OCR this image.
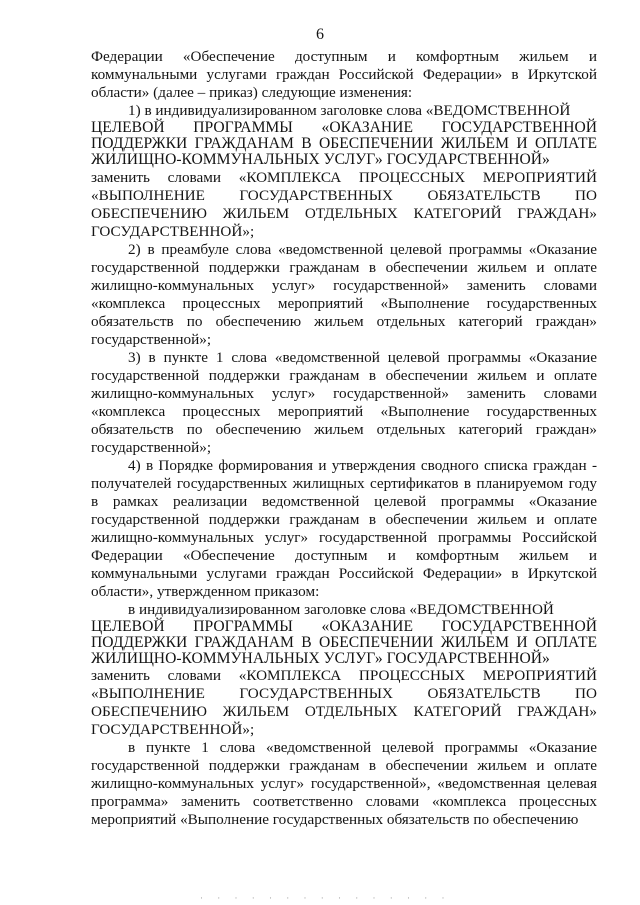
6

Федерации «Обеспечение доступным и комфортным жильем и коммунальными услугами граждан Российской Федерации» в Иркутской области» (далее – приказ) следующие изменения:

1) в индивидуализированном заголовке слова «ВЕДОМСТВЕННОЙ

ЦЕЛЕВОЙ ПРОГРАММЫ «ОКАЗАНИЕ ГОСУДАРСТВЕННОЙ ПОДДЕРЖКИ ГРАЖДАНАМ В ОБЕСПЕЧЕНИИ ЖИЛЬЕМ И ОПЛАТЕ ЖИЛИЩНО-КОММУНАЛЬНЫХ УСЛУГ» ГОСУДАРСТВЕННОЙ»

заменить словами «КОМПЛЕКСА ПРОЦЕССНЫХ МЕРОПРИЯТИЙ «ВЫПОЛНЕНИЕ ГОСУДАРСТВЕННЫХ ОБЯЗАТЕЛЬСТВ ПО ОБЕСПЕЧЕНИЮ ЖИЛЬЕМ ОТДЕЛЬНЫХ КАТЕГОРИЙ ГРАЖДАН» ГОСУДАРСТВЕННОЙ»;

2) в преамбуле слова «ведомственной целевой программы «Оказание государственной поддержки гражданам в обеспечении жильем и оплате жилищно-коммунальных услуг» государственной» заменить словами «комплекса процессных мероприятий «Выполнение государственных обязательств по обеспечению жильем отдельных категорий граждан» государственной»;

3) в пункте 1 слова «ведомственной целевой программы «Оказание государственной поддержки гражданам в обеспечении жильем и оплате жилищно-коммунальных услуг» государственной» заменить словами «комплекса процессных мероприятий «Выполнение государственных обязательств по обеспечению жильем отдельных категорий граждан» государственной»;

4) в Порядке формирования и утверждения сводного списка граждан - получателей государственных жилищных сертификатов в планируемом году в рамках реализации ведомственной целевой программы «Оказание государственной поддержки гражданам в обеспечении жильем и оплате жилищно-коммунальных услуг» государственной программы Российской Федерации «Обеспечение доступным и комфортным жильем и коммунальными услугами граждан Российской Федерации» в Иркутской области», утвержденном приказом:

в индивидуализированном заголовке слова «ВЕДОМСТВЕННОЙ

ЦЕЛЕВОЙ ПРОГРАММЫ «ОКАЗАНИЕ ГОСУДАРСТВЕННОЙ ПОДДЕРЖКИ ГРАЖДАНАМ В ОБЕСПЕЧЕНИИ ЖИЛЬЕМ И ОПЛАТЕ ЖИЛИЩНО-КОММУНАЛЬНЫХ УСЛУГ» ГОСУДАРСТВЕННОЙ»

заменить словами «КОМПЛЕКСА ПРОЦЕССНЫХ МЕРОПРИЯТИЙ «ВЫПОЛНЕНИЕ ГОСУДАРСТВЕННЫХ ОБЯЗАТЕЛЬСТВ ПО ОБЕСПЕЧЕНИЮ ЖИЛЬЕМ ОТДЕЛЬНЫХ КАТЕГОРИЙ ГРАЖДАН» ГОСУДАРСТВЕННОЙ»;

в пункте 1 слова «ведомственной целевой программы «Оказание государственной поддержки гражданам в обеспечении жильем и оплате жилищно-коммунальных услуг» государственной», «ведомственная целевая программа» заменить соответственно словами «комплекса процессных мероприятий «Выполнение государственных обязательств по обеспечению

· · · · · · · · · · · · · · ·
